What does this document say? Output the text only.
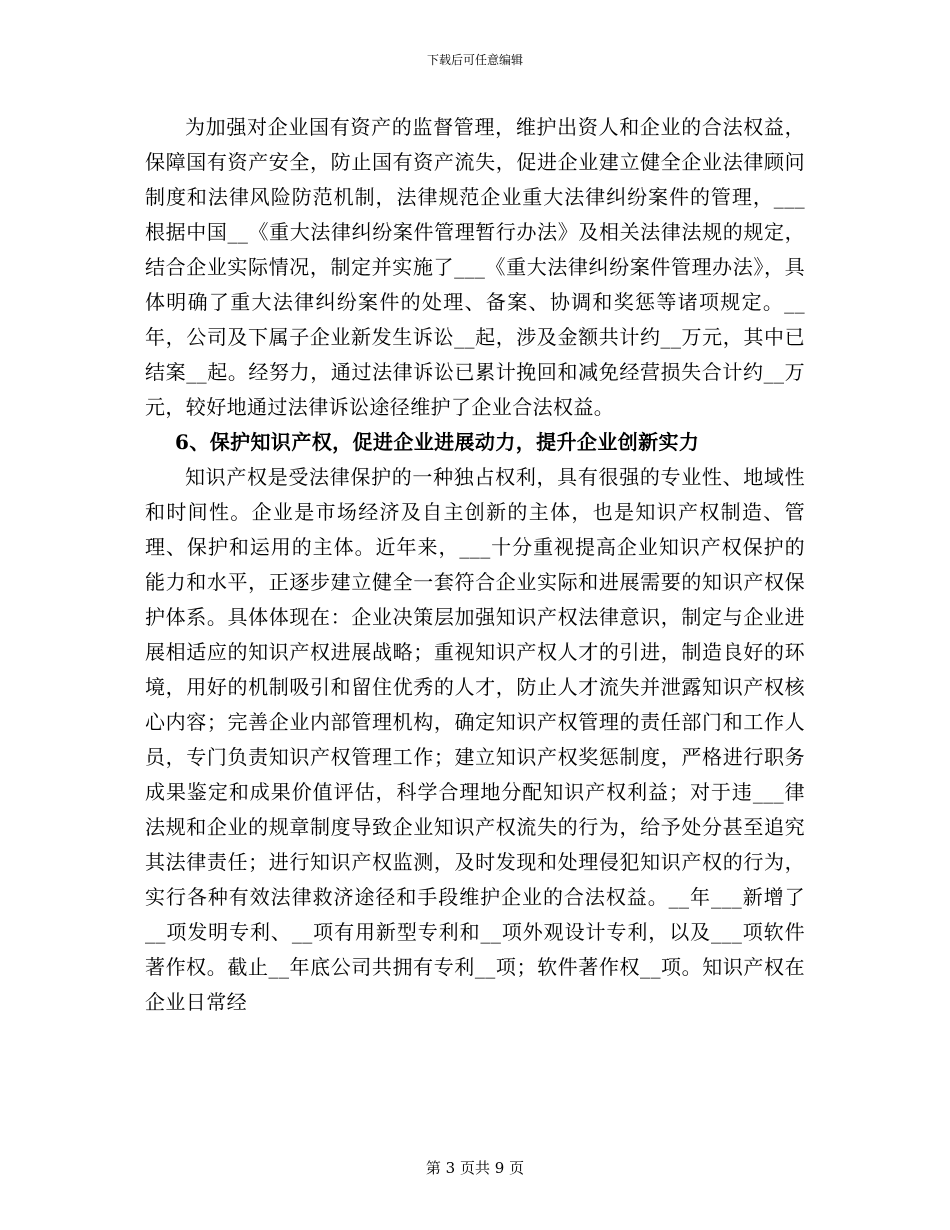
下载后可任意编辑

为加强对企业国有资产的监督管理，维护出资人和企业的合法权益，保障国有资产安全，防止国有资产流失，促进企业建立健全企业法律顾问制度和法律风险防范机制，法律规范企业重大法律纠纷案件的管理，___根据中国__《重大法律纠纷案件管理暂行办法》及相关法律法规的规定，结合企业实际情况，制定并实施了___《重大法律纠纷案件管理办法》，具体明确了重大法律纠纷案件的处理、备案、协调和奖惩等诸项规定。__年，公司及下属子企业新发生诉讼__起，涉及金额共计约__万元，其中已结案__起。经努力，通过法律诉讼已累计挽回和减免经营损失合计约__万元，较好地通过法律诉讼途径维护了企业合法权益。

6、保护知识产权，促进企业进展动力，提升企业创新实力

知识产权是受法律保护的一种独占权利，具有很强的专业性、地域性和时间性。企业是市场经济及自主创新的主体，也是知识产权制造、管理、保护和运用的主体。近年来，___十分重视提高企业知识产权保护的能力和水平，正逐步建立健全一套符合企业实际和进展需要的知识产权保护体系。具体体现在：企业决策层加强知识产权法律意识，制定与企业进展相适应的知识产权进展战略；重视知识产权人才的引进，制造良好的环境，用好的机制吸引和留住优秀的人才，防止人才流失并泄露知识产权核心内容；完善企业内部管理机构，确定知识产权管理的责任部门和工作人员，专门负责知识产权管理工作；建立知识产权奖惩制度，严格进行职务成果鉴定和成果价值评估，科学合理地分配知识产权利益；对于违___律法规和企业的规章制度导致企业知识产权流失的行为，给予处分甚至追究其法律责任；进行知识产权监测，及时发现和处理侵犯知识产权的行为，实行各种有效法律救济途径和手段维护企业的合法权益。__年___新增了__项发明专利、__项有用新型专利和__项外观设计专利，以及___项软件著作权。截止__年底公司共拥有专利__项；软件著作权__项。知识产权在企业日常经

第 3 页共 9 页
